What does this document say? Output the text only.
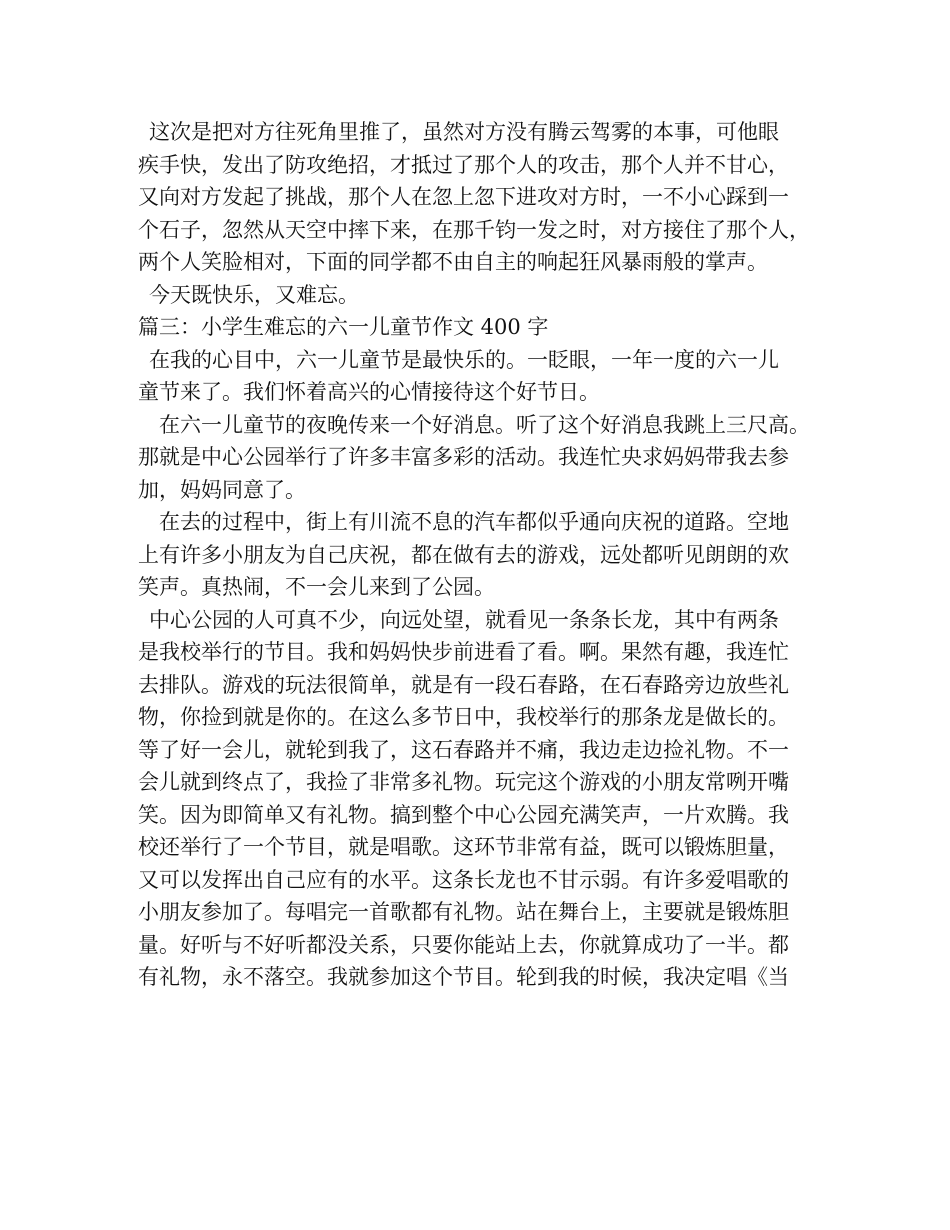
这次是把对方往死角里推了，虽然对方没有腾云驾雾的本事，可他眼
疾手快，发出了防攻绝招，才抵过了那个人的攻击，那个人并不甘心，
又向对方发起了挑战，那个人在忽上忽下进攻对方时，一不小心踩到一
个石子，忽然从天空中摔下来，在那千钧一发之时，对方接住了那个人，
两个人笑脸相对，下面的同学都不由自主的响起狂风暴雨般的掌声。
今天既快乐，又难忘。
篇三：小学生难忘的六一儿童节作文 400 字
在我的心目中，六一儿童节是最快乐的。一眨眼，一年一度的六一儿
童节来了。我们怀着高兴的心情接待这个好节日。
在六一儿童节的夜晚传来一个好消息。听了这个好消息我跳上三尺高。
那就是中心公园举行了许多丰富多彩的活动。我连忙央求妈妈带我去参
加，妈妈同意了。
在去的过程中，街上有川流不息的汽车都似乎通向庆祝的道路。空地
上有许多小朋友为自己庆祝，都在做有去的游戏，远处都听见朗朗的欢
笑声。真热闹，不一会儿来到了公园。
中心公园的人可真不少，向远处望，就看见一条条长龙，其中有两条
是我校举行的节目。我和妈妈快步前进看了看。啊。果然有趣，我连忙
去排队。游戏的玩法很简单，就是有一段石春路，在石春路旁边放些礼
物，你捡到就是你的。在这么多节日中，我校举行的那条龙是做长的。
等了好一会儿，就轮到我了，这石春路并不痛，我边走边捡礼物。不一
会儿就到终点了，我捡了非常多礼物。玩完这个游戏的小朋友常咧开嘴
笑。因为即简单又有礼物。搞到整个中心公园充满笑声，一片欢腾。我
校还举行了一个节目，就是唱歌。这环节非常有益，既可以锻炼胆量，
又可以发挥出自己应有的水平。这条长龙也不甘示弱。有许多爱唱歌的
小朋友参加了。每唱完一首歌都有礼物。站在舞台上，主要就是锻炼胆
量。好听与不好听都没关系，只要你能站上去，你就算成功了一半。都
有礼物，永不落空。我就参加这个节目。轮到我的时候，我决定唱《当
